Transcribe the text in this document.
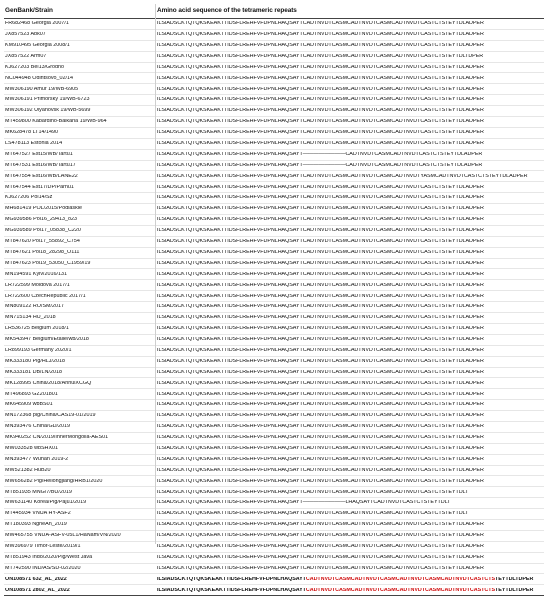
GenBank/Strain	Amino acid sequence of the tetrameric repeats
FR682468 Georgia 2007/1	ILSIADSCKTQTQKSKEAKTTIDSFLREHFVFDPNLHAQSAYTCADTNVDTCASMCADTNVDTCASMCADTNVDTCASTCTSTEYTDLADPER
JX857523 Abk07	ILSIADSCKTQTQKSKEAKTTIDSFLREHFVFDPNLHAQSAYTCADTNVDTCASMCADTNVDTCASMCADTNVDTCASTCTSTEYTDLADPER
KM910495 Georgia 2008/1	ILSIADSCKTQTQKSKEAKTTIDSFLREHFVFDPNLHAQSAYTCADTNVDTCASMCADTNVDTCASMCADTNVDTCASTCTSTEYTDLADPER
JX857522 Arm07	ILSIADSCKTQTQKSKEAKTTIDSFLREHFVFDPNLHAQSAYTCADTNVDTCASMCADTNVDTCASMCADTNVDTCASTCTSTEYTDLTDPER
KJ627203 Bel13/Grodno	ILSIADSCKTQTQKSKEAKTTIDSFLREHFVFDPNLHAQSAYTCADTNVDTCASMCADTNVDTCASMCADTNVDTCASTCTSTEYTDLADPER
NC044948 Odintsovo_02/14	ILSIADSCKTQTQKSKEAKTTIDSFLREHFVFDPNLHAQSAYTCADTNVDTCASMCADTNVDTCASMCADTNVDTCASTCTSTEYTDLADPER
MW306190 Amur 19/WB-6905	ILSIADSCKTQTQKSKEAKTTIDSFLREHFVFDPNLHAQSAYTCADTNVDTCASMCADTNVDTCASMCADTNVDTCASTCTSTEYTDLADPER
MW306191 Primorsky 19/WB-6723	ILSIADSCKTQTQKSKEAKTTIDSFLREHFVFDPNLHAQSAYTCADTNVDTCASMCADTNVDTCASMCADTNVDTCASTCTSTEYTDLADPER
MW306192 Ulyanovsk 19/WB-5699	ILSIADSCKTQTQKSKEAKTTIDSFLREHFVFDPNLHAQSAYTCADTNVDTCASMCADTNVDTCASMCADTNVDTCASTCTSTEYTDLADPER
MT459800 Kabardino-Balkaria 19/WB-964	ILSIADSCKTQTQKSKEAKTTIDSFLREHFVFDPNLHAQSAYTCADTNVDTCASMCADTNVDTCASMCADTNVDTCASTCTSTEYTDLADPER
MK628478 LT14/1490	ILSIADSCKTQTQKSKEAKTTIDSFLREHFVFDPNLHAQSAYTCADTNVDTCASMCADTNVDTCASMCADTNVDTCASTCTSTEYTDLADPER
LS478113 Estonia 2014	ILSIADSCKTQTQKSKEAKTTIDSFLREHFVFDPNLHAQSAYTCADTNVDTCASMCADTNVDTCASMCADTNVDTCASTCTSTEYTDLADPER
MT647527 Est15/WB/Tartu1	ILSIADSCKTQTQKSKEAKTTIDSFLREHFVFDPNLHAQSAYT————————CADTNVDTCASMCADTNVDTCASTCTSTEYTDLADPER
MT647531 Est16/WB/Tartu17	ILSIADSCKTQTQKSKEAKTTIDSFLREHFVFDPNLHAQSAYT————————CADTNVDTCASMCADTNVDTCASTCTSTEYTDLADPER
MT647554 Est16/WB/LANE22	ILSIADSCKTQTQKSKEAKTTIDSFLREHFVFDPNLHAQSAYTCADTNVDTCASMCADTNVDTCASMCADTNVDTYASMCADTNVDTCASTCTSTEYTDLADPER
MT647544 Est17/DP/Pärnu1	ILSIADSCKTQTQKSKEAKTTIDSFLREHFVFDPNLHAQSAYTCADTNVDTCASMCADTNVDTCASMCADTNVDTCASTCTSTEYTDLADPER
KJ627206 Pol14/Sz	ILSIADSCKTQTQKSKEAKTTIDSFLREHFVFDPNLHAQSAYTCADTNVDTCASMCADTNVDTCASMCADTNVDTCASTCTSTEYTDLADPER
MH681419 POL/2015/Podlaskie	ILSIADSCKTQTQKSKEAKTTIDSFLREHFVFDPNLHAQSAYTCADTNVDTCASMCADTNVDTCASMCADTNVDTCASTCTSTEYTDLADPER
MG939586 Pol16_29413_o23	ILSIADSCKTQTQKSKEAKTTIDSFLREHFVFDPNLHAQSAYTCADTNVDTCASMCADTNVDTCASMCADTNVDTCASTCTSTEYTDLADPER
MG939589 Pol17_05838_C220	ILSIADSCKTQTQKSKEAKTTIDSFLREHFVFDPNLHAQSAYTCADTNVDTCASMCADTNVDTCASMCADTNVDTCASTCTSTEYTDLADPER
MT847620 Pol17_55892_C754	ILSIADSCKTQTQKSKEAKTTIDSFLREHFVFDPNLHAQSAYTCADTNVDTCASMCADTNVDTCASMCADTNVDTCASTCTSTEYTDLADPER
MT847621 Pol18_28298_O111	ILSIADSCKTQTQKSKEAKTTIDSFLREHFVFDPNLHAQSAYTCADTNVDTCASMCADTNVDTCASMCADTNVDTCASTCTSTEYTDLADPER
MT847623 Pol19_53050_C1959/19	ILSIADSCKTQTQKSKEAKTTIDSFLREHFVFDPNLHAQSAYTCADTNVDTCASMCADTNVDTCASMCADTNVDTCASTCTSTEYTDLADPER
MN194591 Kyiv/2016/131	ILSIADSCKTQTQKSKEAKTTIDSFLREHFVFDPNLHAQSAYTCADTNVDTCASMCADTNVDTCASMCADTNVDTCASTCTSTEYTDLADPER
LR722599 Moldova 2017/1	ILSIADSCKTQTQKSKEAKTTIDSFLREHFVFDPNLHAQSAYTCADTNVDTCASMCADTNVDTCASMCADTNVDTCASTCTSTEYTDLADPER
LR722600 CzechRepublic 2017/1	ILSIADSCKTQTQKSKEAKTTIDSFLREHFVFDPNLHAQSAYTCADTNVDTCASMCADTNVDTCASMCADTNVDTCASTCTSTEYTDLADPER
MN809122 RO/SM/2017	ILSIADSCKTQTQKSKEAKTTIDSFLREHFVFDPNLHAQSAYTCADTNVDTCASMCADTNVDTCASMCADTNVDTCASTCTSTEYTDLADPER
MN715134 HU_2018	ILSIADSCKTQTQKSKEAKTTIDSFLREHFVFDPNLHAQSAYTCADTNVDTCASMCADTNVDTCASMCADTNVDTCASTCTSTEYTDLADPER
LR536725 Belgium 2018/1	ILSIADSCKTQTQKSKEAKTTIDSFLREHFVFDPNLHAQSAYTCADTNVDTCASMCADTNVDTCASMCADTNVDTCASTCTSTEYTDLADPER
MK543947 Belgium/Etalle/wb/2018	ILSIADSCKTQTQKSKEAKTTIDSFLREHFVFDPNLHAQSAYTCADTNVDTCASMCADTNVDTCASMCADTNVDTCASTCTSTEYTDLADPER
LR899193 Germany 2020/1	ILSIADSCKTQTQKSKEAKTTIDSFLREHFVFDPNLHAQSAYTCADTNVDTCASMCADTNVDTCASMCADTNVDTCASTCTSTEYTDLADPER
MK333180 Pig/HLJ/2018	ILSIADSCKTQTQKSKEAKTTIDSFLREHFVFDPNLHAQSAYTCADTNVDTCASMCADTNVDTCASMCADTNVDTCASTCTSTEYTDLADPER
MK333181 DB/LN/2018	ILSIADSCKTQTQKSKEAKTTIDSFLREHFVFDPNLHAQSAYTCADTNVDTCASMCADTNVDTCASMCADTNVDTCASTCTSTEYTDLADPER
MK128995 China/2018/AnhuiXCGQ	ILSIADSCKTQTQKSKEAKTTIDSFLREHFVFDPNLHAQSAYTCADTNVDTCASMCADTNVDTCASMCADTNVDTCASTCTSTEYTDLADPER
MT496893 GZ201801	ILSIADSCKTQTQKSKEAKTTIDSFLREHFVFDPNLHAQSAYTCADTNVDTCASMCADTNVDTCASMCADTNVDTCASTCTSTEYTDLADPER
MK645909 wbBS01	ILSIADSCKTQTQKSKEAKTTIDSFLREHFVFDPNLHAQSAYTCADTNVDTCASMCADTNVDTCASMCADTNVDTCASTCTSTEYTDLADPER
MN172368 pig/China/CAS19-01/2019	ILSIADSCKTQTQKSKEAKTTIDSFLREHFVFDPNLHAQSAYTCADTNVDTCASMCADTNVDTCASMCADTNVDTCASTCTSTEYTDLADPER
MN393476 China/GD/2019	ILSIADSCKTQTQKSKEAKTTIDSFLREHFVFDPNLHAQSAYTCADTNVDTCASMCADTNVDTCASMCADTNVDTCASTCTSTEYTDLADPER
MK940252 CN/2019/InnerMongolia-AES01	ILSIADSCKTQTQKSKEAKTTIDSFLREHFVFDPNLHAQSAYTCADTNVDTCASMCADTNVDTCASMCADTNVDTCASTCTSTEYTDLADPER
MW033528 wbSHX01	ILSIADSCKTQTQKSKEAKTTIDSFLREHFVFDPNLHAQSAYTCADTNVDTCASMCADTNVDTCASMCADTNVDTCASTCTSTEYTDLADPER
MN393477 Wuhan 2019-2	ILSIADSCKTQTQKSKEAKTTIDSFLREHFVFDPNLHAQSAYTCADTNVDTCASMCADTNVDTCASMCADTNVDTCASTCTSTEYTDLADPER
MW521382 HuB20	ILSIADSCKTQTQKSKEAKTTIDSFLREHFVFDPNLHAQSAYTCADTNVDTCASMCADTNVDTCASMCADTNVDTCASTCTSTEYTDLADPER
MW656282 Pig/Heilongjiang/HRB1/2020	ILSIADSCKTQTQKSKEAKTTIDSFLREHFVFDPNLHAQSAYTCADTNVDTCASMCADTNVDTCASMCADTNVDTCASTCTSTEYTDLADPER
MT851935 MNG/7/BU/2019	ILSIADSCKTQTQKSKEAKTTIDSFLREHFVFDPNLHAQSAYTCADTNVDTCASMCADTNVDTCASMCADTNVDTCASTCTSTEYTDLT
MW631140 Korea/Pig/Paju1/2019	ILSIADSCKTQTQKSKEAKTTIDSFLREHFVFDPNLHAQSAYT————————LHAQSAYTCADTNVDTCASTCTSTEYTDLT
MT445934 VNUA HY-ASF2	ILSIADSCKTQTQKSKEAKTTIDSFLREHFVFDPNLHAQSAYTCADTNVDTCASMCADTNVDTCASMCADTNVDTCASTCTSTEYTDLT
MT180393 NgheAn_2019	ILSIADSCKTQTQKSKEAKTTIDSFLREHFVFDPNLHAQSAYTCADTNVDTCASMCADTNVDTCASMCADTNVDTCASTCTSTEYTDLADPER
MW465755 VNUA-ASFV-05L1/HaNam/VN/2020	ILSIADSCKTQTQKSKEAKTTIDSFLREHFVFDPNLHAQSAYTCADTNVDTCASMCADTNVDTCASMCADTNVDTCASTCTSTEYTDLADPER
MW396979 Timor-Leste/2019/1	ILSIADSCKTQTQKSKEAKTTIDSFLREHFVFDPNLHAQSAYTCADTNVDTCASMCADTNVDTCASMCADTNVDTCASTCTSTEYTDLADPER
MT851943 Indo/2020/Pig/West Java	ILSIADSCKTQTQKSKEAKTTIDSFLREHFVFDPNLHAQSAYTCADTNVDTCASMCADTNVDTCASMCADTNVDTCASTCTSTEYTDLADPER
MT742590 IND/AS/SD-02/2020	ILSIADSCKTQTQKSKEAKTTIDSFLREHFVFDPNLHAQSAYTCADTNVDTCASMCADTNVDTCASMCADTNVDTCASTCTSTEYTDLADPER
ON108571 632_AL_2022	ILSIADSCKTQTQKSKEAKTTIDSFLREHFVFDPNLHAQSAYTCADTNVDTCASMCADTNVDTCASMCADTNVDTCASMCADTNVDTCASTCTSTEYTDLTDPER
ON108571 2802_AL_2022	ILSIADSCKTQTQKSKEAKTTIDSFLREHFVFDPNLHAQSAYTCADTNVDTCASMCADTNVDTCASMCADTNVDTCASMCADTNVDTCASTCTSTEYTDLTDPER
